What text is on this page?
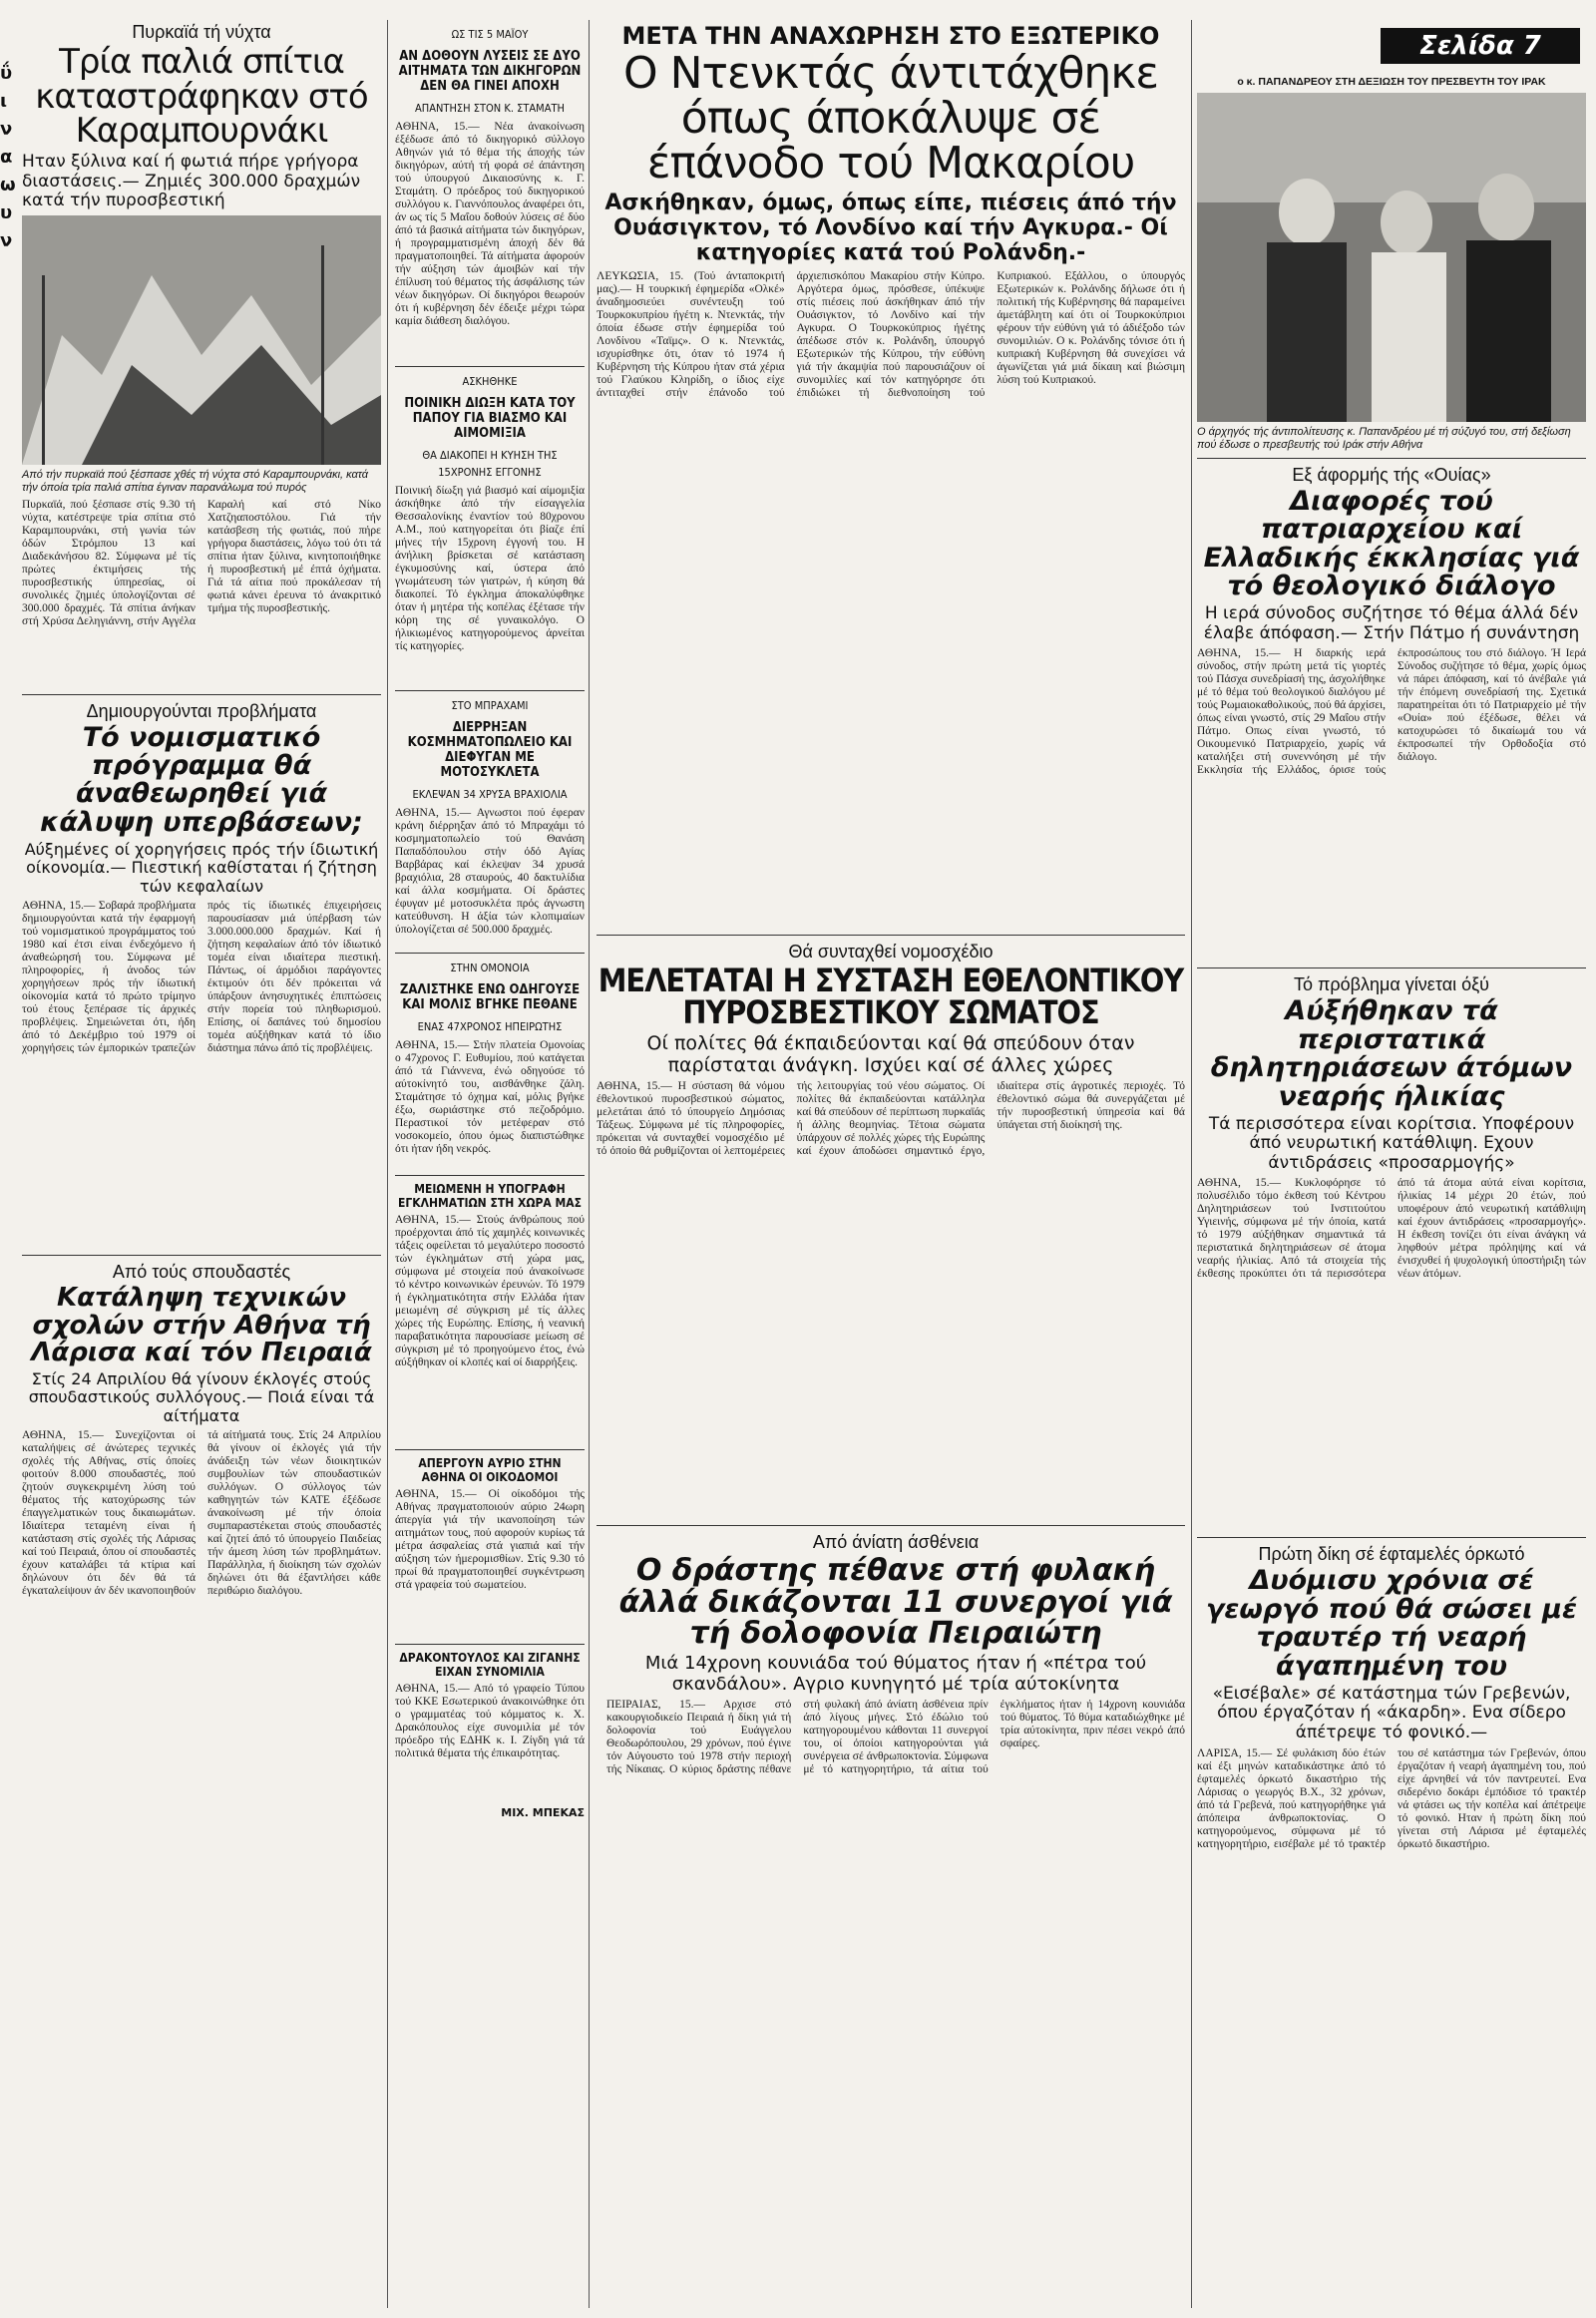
ΰ
ι
ν
α
ω
υ
ν
Πυρκαϊά τή νύχτα
Τρία παλιά σπίτια καταστράφηκαν στό Καραμπουρνάκι
Ηταν ξύλινα καί ή φωτιά πήρε γρήγορα διαστάσεις.— Ζημιές 300.000 δραχμών κατά τήν πυροσβεστική
Από τήν πυρκαϊά πού ξέσπασε χθές τή νύχτα στό Καραμπουρνάκι, κατά τήν όποία τρία παλιά σπίτια έγιναν παρανάλωμα τού πυρός

Πυρκαϊά, πού ξέσπασε στίς 9.30 τή νύχτα, κατέστρεψε τρία σπίτια στό Καραμπουρνάκι, στή γωνία τών όδών Στρόμπου 13 καί Διαδεκάνήσου 82. Σύμφωνα μέ τίς πρώτες έκτιμήσεις τής πυροσβεστικής ύπηρεσίας, οί συνολικές ζημιές ύπολογίζονται σέ 300.000 δραχμές. Τά σπίτια άνήκαν στή Χρύσα Δεληγιάννη, στήν Αγγέλα Καραλή καί στό Νίκο Χατζηαποστόλου. Γιά τήν κατάσβεση τής φωτιάς, πού πήρε γρήγορα διαστάσεις, λόγω τού ότι τά σπίτια ήταν ξύλινα, κινητοποιήθηκε ή πυροσβεστική μέ έπτά όχήματα. Γιά τά αίτια πού προκάλεσαν τή φωτιά κάνει έρευνα τό άνακριτικό τμήμα τής πυροσβεστικής.

Δημιουργούνται προβλήματα
Τό νομισματικό πρόγραμμα θά άναθεωρηθεί γιά κάλυψη υπερβάσεων;
Αύξημένες οί χορηγήσεις πρός τήν ίδιωτική οίκονομία.— Πιεστική καθίσταται ή ζήτηση τών κεφαλαίων

ΑΘΗΝΑ, 15.— Σοβαρά προβλήματα δημιουργούνται κατά τήν έφαρμογή τού νομισματικού προγράμματος τού 1980 καί έτσι είναι ένδεχόμενο ή άναθεώρησή του. Σύμφωνα μέ πληροφορίες, ή άνοδος τών χορηγήσεων πρός τήν ίδιωτική οίκονομία κατά τό πρώτο τρίμηνο τού έτους ξεπέρασε τίς άρχικές προβλέψεις. Σημειώνεται ότι, ήδη άπό τό Δεκέμβριο τού 1979 οί χορηγήσεις τών έμπορικών τραπεζών πρός τίς ίδιωτικές έπιχειρήσεις παρουσίασαν μιά ύπέρβαση τών 3.000.000.000 δραχμών. Καί ή ζήτηση κεφαλαίων άπό τόν ίδιωτικό τομέα είναι ιδιαίτερα πιεστική. Πάντως, οί άρμόδιοι παράγοντες έκτιμούν ότι δέν πρόκειται νά ύπάρξουν άνησυχητικές έπιπτώσεις στήν πορεία τού πληθωρισμού. Επίσης, οί δαπάνες τού δημοσίου τομέα αύξήθηκαν κατά τό ίδιο διάστημα πάνω άπό τίς προβλέψεις.

Από τούς σπουδαστές
Κατάληψη τεχνικών σχολών στήν Αθήνα τή Λάρισα καί τόν Πειραιά
Στίς 24 Απριλίου θά γίνουν έκλογές στούς σπουδαστικούς συλλόγους.— Ποιά είναι τά αίτήματα

ΑΘΗΝΑ, 15.— Συνεχίζονται οί καταλήψεις σέ άνώτερες τεχνικές σχολές τής Αθήνας, στίς όποίες φοιτούν 8.000 σπουδαστές, πού ζητούν συγκεκριμένη λύση τού θέματος τής κατοχύρωσης τών έπαγγελματικών τους δικαιωμάτων. Ιδιαίτερα τεταμένη είναι ή κατάσταση στίς σχολές τής Λάρισας καί τού Πειραιά, όπου οί σπουδαστές έχουν καταλάβει τά κτίρια καί δηλώνουν ότι δέν θά τά έγκαταλείψουν άν δέν ικανοποιηθούν τά αίτήματά τους. Στίς 24 Απριλίου θά γίνουν οί έκλογές γιά τήν άνάδειξη τών νέων διοικητικών συμβουλίων τών σπουδαστικών συλλόγων. Ο σύλλογος τών καθηγητών τών ΚΑΤΕ έξέδωσε άνακοίνωση μέ τήν όποία συμπαραστέκεται στούς σπουδαστές καί ζητεί άπό τό ύπουργείο Παιδείας τήν άμεση λύση τών προβλημάτων. Παράλληλα, ή διοίκηση τών σχολών δηλώνει ότι θά έξαντλήσει κάθε περιθώριο διαλόγου.

ΩΣ ΤΙΣ 5 ΜΑΪΟΥ
ΑΝ ΔΟΘΟΥΝ ΛΥΣΕΙΣ ΣΕ ΔΥΟ ΑΙΤΗΜΑΤΑ ΤΩΝ ΔΙΚΗΓΟΡΩΝ ΔΕΝ ΘΑ ΓΙΝΕΙ ΑΠΟΧΗ
ΑΠΑΝΤΗΣΗ ΣΤΟΝ Κ. ΣΤΑΜΑΤΗ

ΑΘΗΝΑ, 15.— Νέα άνακοίνωση έξέδωσε άπό τό δικηγορικό σύλλογο Αθηνών γιά τό θέμα τής άποχής τών δικηγόρων, αύτή τή φορά σέ άπάντηση τού ύπουργού Δικαιοσύνης κ. Γ. Σταμάτη. Ο πρόεδρος τού δικηγορικού συλλόγου κ. Γιαννόπουλος άναφέρει ότι, άν ως τίς 5 Μαΐου δοθούν λύσεις σέ δύο άπό τά βασικά αίτήματα τών δικηγόρων, ή προγραμματισμένη άποχή δέν θά πραγματοποιηθεί. Τά αίτήματα άφορούν τήν αύξηση τών άμοιβών καί τήν έπίλυση τού θέματος τής άσφάλισης τών νέων δικηγόρων. Οί δικηγόροι θεωρούν ότι ή κυβέρνηση δέν έδειξε μέχρι τώρα καμία διάθεση διαλόγου.

ΑΣΚΗΘΗΚΕ
ΠΟΙΝΙΚΗ ΔΙΩΞΗ ΚΑΤΑ ΤΟΥ ΠΑΠΟΥ ΓΙΑ ΒΙΑΣΜΟ ΚΑΙ ΑΙΜΟΜΙΞΙΑ
ΘΑ ΔΙΑΚΟΠΕΙ Η ΚΥΗΣΗ ΤΗΣ 15ΧΡΟΝΗΣ ΕΓΓΟΝΗΣ

Ποινική δίωξη γιά βιασμό καί αίμομιξία άσκήθηκε άπό τήν είσαγγελία Θεσσαλονίκης έναντίον τού 80χρονου Α.Μ., πού κατηγορείται ότι βίαζε έπί μήνες τήν 15χρονη έγγονή του. Η άνήλικη βρίσκεται σέ κατάσταση έγκυμοσύνης καί, ύστερα άπό γνωμάτευση τών γιατρών, ή κύηση θά διακοπεί. Τό έγκλημα άποκαλύφθηκε όταν ή μητέρα τής κοπέλας έξέτασε τήν κόρη της σέ γυναικολόγο. Ο ήλικιωμένος κατηγορούμενος άρνείται τίς κατηγορίες.

ΣΤΟ ΜΠΡΑΧΑΜΙ
ΔΙΕΡΡΗΞΑΝ ΚΟΣΜΗΜΑΤΟΠΩΛΕΙΟ ΚΑΙ ΔΙΕΦΥΓΑΝ ΜΕ ΜΟΤΟΣΥΚΛΕΤΑ
ΕΚΛΕΨΑΝ 34 ΧΡΥΣΑ ΒΡΑΧΙΟΛΙΑ

ΑΘΗΝΑ, 15.— Αγνωστοι πού έφεραν κράνη διέρρηξαν άπό τό Μπραχάμι τό κοσμηματοπωλείο τού Θανάση Παπαδόπουλου στήν όδό Αγίας Βαρβάρας καί έκλεψαν 34 χρυσά βραχιόλια, 28 σταυρούς, 40 δακτυλίδια καί άλλα κοσμήματα. Οί δράστες έφυγαν μέ μοτοσυκλέτα πρός άγνωστη κατεύθυνση. Η άξία τών κλοπιμαίων ύπολογίζεται σέ 500.000 δραχμές.

ΣΤΗΝ ΟΜΟΝΟΙΑ
ΖΑΛΙΣΤΗΚΕ ΕΝΩ ΟΔΗΓΟΥΣΕ ΚΑΙ ΜΟΛΙΣ ΒΓΗΚΕ ΠΕΘΑΝΕ
ΕΝΑΣ 47ΧΡΟΝΟΣ ΗΠΕΙΡΩΤΗΣ

ΑΘΗΝΑ, 15.— Στήν πλατεία Ομονοίας ο 47χρονος Γ. Ευθυμίου, πού κατάγεται άπό τά Γιάννενα, ένώ οδηγούσε τό αύτοκίνητό του, αισθάνθηκε ζάλη. Σταμάτησε τό όχημα καί, μόλις βγήκε έξω, σωριάστηκε στό πεζοδρόμιο. Περαστικοί τόν μετέφεραν στό νοσοκομείο, όπου όμως διαπιστώθηκε ότι ήταν ήδη νεκρός.

ΜΕΙΩΜΕΝΗ Η ΥΠΟΓΡΑΦΗ ΕΓΚΛΗΜΑΤΙΩΝ ΣΤΗ ΧΩΡΑ ΜΑΣ

ΑΘΗΝΑ, 15.— Στούς άνθρώπους πού προέρχονται άπό τίς χαμηλές κοινωνικές τάξεις οφείλεται τό μεγαλύτερο ποσοστό τών έγκλημάτων στή χώρα μας, σύμφωνα μέ στοιχεία πού άνακοίνωσε τό κέντρο κοινωνικών έρευνών. Τό 1979 ή έγκληματικότητα στήν Ελλάδα ήταν μειωμένη σέ σύγκριση μέ τίς άλλες χώρες τής Ευρώπης. Επίσης, ή νεανική παραβατικότητα παρουσίασε μείωση σέ σύγκριση μέ τό προηγούμενο έτος, ένώ αύξήθηκαν οί κλοπές καί οί διαρρήξεις.

ΑΠΕΡΓΟΥΝ ΑΥΡΙΟ ΣΤΗΝ ΑΘΗΝΑ ΟΙ ΟΙΚΟΔΟΜΟΙ

ΑΘΗΝΑ, 15.— Οί οίκοδόμοι τής Αθήνας πραγματοποιούν αύριο 24ωρη άπεργία γιά τήν ικανοποίηση τών αιτημάτων τους, πού αφορούν κυρίως τά μέτρα άσφαλείας στά γιαπιά καί τήν αύξηση τών ήμερομισθίων. Στίς 9.30 τό πρωί θά πραγματοποιηθεί συγκέντρωση στά γραφεία τού σωματείου.

ΔΡΑΚΟΝΤΟΥΛΟΣ ΚΑΙ ΖΙΓΑΝΗΣ ΕΙΧΑΝ ΣΥΝΟΜΙΛΙΑ

ΑΘΗΝΑ, 15.— Από τό γραφείο Τύπου τού ΚΚΕ Εσωτερικού άνακοινώθηκε ότι ο γραμματέας τού κόμματος κ. Χ. Δρακόπουλος είχε συνομιλία μέ τόν πρόεδρο τής ΕΔΗΚ κ. Ι. Ζίγδη γιά τά πολιτικά θέματα τής έπικαιρότητας.

ΜΙΧ. ΜΠΕΚΑΣ
ΜΕΤΑ ΤΗΝ ΑΝΑΧΩΡΗΣΗ ΣΤΟ ΕΞΩΤΕΡΙΚΟ
Ο Ντενκτάς άντιτάχθηκε όπως άποκάλυψε σέ έπάνοδο τού Μακαρίου
Ασκήθηκαν, όμως, όπως είπε, πιέσεις άπό τήν Ουάσιγκτον, τό Λονδίνο καί τήν Αγκυρα.- Οί κατηγορίες κατά τού Ρολάνδη.-

ΛΕΥΚΩΣΙΑ, 15. (Τού άνταποκριτή μας).— Η τουρκική έφημερίδα «Ολκέ» άναδημοσιεύει συνέντευξη τού Τουρκοκυπρίου ήγέτη κ. Ντενκτάς, τήν όποία έδωσε στήν έφημερίδα τού Λονδίνου «Ταϊμς». Ο κ. Ντενκτάς, ισχυρίσθηκε ότι, όταν τό 1974 ή Κυβέρνηση τής Κύπρου ήταν στά χέρια τού Γλαύκου Κληρίδη, ο ίδιος είχε άντιταχθεί στήν έπάνοδο τού άρχιεπισκόπου Μακαρίου στήν Κύπρο. Αργότερα όμως, πρόσθεσε, ύπέκυψε στίς πιέσεις πού άσκήθηκαν άπό τήν Ουάσιγκτον, τό Λονδίνο καί τήν Αγκυρα. Ο Τουρκοκύπριος ήγέτης άπέδωσε στόν κ. Ρολάνδη, ύπουργό Εξωτερικών τής Κύπρου, τήν εύθύνη γιά τήν άκαμψία πού παρουσιάζουν οί συνομιλίες καί τόν κατηγόρησε ότι έπιδιώκει τή διεθνοποίηση τού Κυπριακού. Εξάλλου, ο ύπουργός Εξωτερικών κ. Ρολάνδης δήλωσε ότι ή πολιτική τής Κυβέρνησης θά παραμείνει άμετάβλητη καί ότι οί Τουρκοκύπριοι φέρουν τήν εύθύνη γιά τό άδιέξοδο τών συνομιλιών. Ο κ. Ρολάνδης τόνισε ότι ή κυπριακή Κυβέρνηση θά συνεχίσει νά άγωνίζεται γιά μιά δίκαιη καί βιώσιμη λύση τού Κυπριακού.

Θά συνταχθεί νομοσχέδιο
ΜΕΛΕΤΑΤΑΙ Η ΣΥΣΤΑΣΗ ΕΘΕΛΟΝΤΙΚΟΥ ΠΥΡΟΣΒΕΣΤΙΚΟΥ ΣΩΜΑΤΟΣ
Οί πολίτες θά έκπαιδεύονται καί θά σπεύδουν όταν παρίσταται άνάγκη. Ισχύει καί σέ άλλες χώρες

ΑΘΗΝΑ, 15.— Η σύσταση θά νόμου έθελοντικού πυροσβεστικού σώματος, μελετάται άπό τό ύπουργείο Δημόσιας Τάξεως. Σύμφωνα μέ τίς πληροφορίες, πρόκειται νά συνταχθεί νομοσχέδιο μέ τό όποίο θά ρυθμίζονται οί λεπτομέρειες τής λειτουργίας τού νέου σώματος. Οί πολίτες θά έκπαιδεύονται κατάλληλα καί θά σπεύδουν σέ περίπτωση πυρκαϊάς ή άλλης θεομηνίας. Τέτοια σώματα ύπάρχουν σέ πολλές χώρες τής Ευρώπης καί έχουν άποδώσει σημαντικό έργο, ιδιαίτερα στίς άγροτικές περιοχές. Τό έθελοντικό σώμα θά συνεργάζεται μέ τήν πυροσβεστική ύπηρεσία καί θά ύπάγεται στή διοίκησή της.

Από άνίατη άσθένεια
Ο δράστης πέθανε στή φυλακή άλλά δικάζονται 11 συνεργοί γιά τή δολοφονία Πειραιώτη
Μιά 14χρονη κουνιάδα τού θύματος ήταν ή «πέτρα τού σκανδάλου». Αγριο κυνηγητό μέ τρία αύτοκίνητα

ΠΕΙΡΑΙΑΣ, 15.— Αρχισε στό κακουργιοδικείο Πειραιά ή δίκη γιά τή δολοφονία τού Ευάγγελου Θεοδωρόπουλου, 29 χρόνων, πού έγινε τόν Αύγουστο τού 1978 στήν περιοχή τής Νίκαιας. Ο κύριος δράστης πέθανε στή φυλακή άπό άνίατη άσθένεια πρίν άπό λίγους μήνες. Στό έδώλιο τού κατηγορουμένου κάθονται 11 συνεργοί του, οί όποίοι κατηγορούνται γιά συνέργεια σέ άνθρωποκτονία. Σύμφωνα μέ τό κατηγορητήριο, τά αίτια τού έγκλήματος ήταν ή 14χρονη κουνιάδα τού θύματος. Τό θύμα καταδιώχθηκε μέ τρία αύτοκίνητα, πριν πέσει νεκρό άπό σφαίρες.

Σελίδα 7
ο κ. ΠΑΠΑΝΔΡΕΟΥ ΣΤΗ ΔΕΞΙΩΣΗ ΤΟΥ ΠΡΕΣΒΕΥΤΗ ΤΟΥ ΙΡΑΚ
Ο άρχηγός τής άντιπολίτευσης κ. Παπανδρέου μέ τή σύζυγό του, στή δεξίωση πού έδωσε ο πρεσβευτής τού Ιράκ στήν Αθήνα
Εξ άφορμής τής «Ουίας»
Διαφορές τού πατριαρχείου καί Ελλαδικής έκκλησίας γιά τό θεολογικό διάλογο
Η ιερά σύνοδος συζήτησε τό θέμα άλλά δέν έλαβε άπόφαση.— Στήν Πάτμο ή συνάντηση

ΑΘΗΝΑ, 15.— Η διαρκής ιερά σύνοδος, στήν πρώτη μετά τίς γιορτές τού Πάσχα συνεδρίασή της, άσχολήθηκε μέ τό θέμα τού θεολογικού διαλόγου μέ τούς Ρωμαιοκαθολικούς, πού θά άρχίσει, όπως είναι γνωστό, στίς 29 Μαΐου στήν Πάτμο. Οπως είναι γνωστό, τό Οικουμενικό Πατριαρχείο, χωρίς νά καταλήξει στή συνεννόηση μέ τήν Εκκλησία τής Ελλάδος, όρισε τούς έκπροσώπους του στό διάλογο. Ή Ιερά Σύνοδος συζήτησε τό θέμα, χωρίς όμως νά πάρει άπόφαση, καί τό άνέβαλε γιά τήν έπόμενη συνεδρίασή της. Σχετικά παρατηρείται ότι τό Πατριαρχείο μέ τήν «Ουία» πού έξέδωσε, θέλει νά κατοχυρώσει τό δικαίωμά του νά έκπροσωπεί τήν Ορθοδοξία στό διάλογο.

Τό πρόβλημα γίνεται όξύ
Αύξήθηκαν τά περιστατικά δηλητηριάσεων άτόμων νεαρής ήλικίας
Τά περισσότερα είναι κορίτσια. Υποφέρουν άπό νευρωτική κατάθλιψη. Εχουν άντιδράσεις «προσαρμογής»

ΑΘΗΝΑ, 15.— Κυκλοφόρησε τό πολυσέλιδο τόμο έκθεση τού Κέντρου Δηλητηριάσεων τού Ινστιτούτου Υγιεινής, σύμφωνα μέ τήν όποία, κατά τό 1979 αύξήθηκαν σημαντικά τά περιστατικά δηλητηριάσεων σέ άτομα νεαρής ήλικίας. Από τά στοιχεία τής έκθεσης προκύπτει ότι τά περισσότερα άπό τά άτομα αύτά είναι κορίτσια, ήλικίας 14 μέχρι 20 έτών, πού υποφέρουν άπό νευρωτική κατάθλιψη καί έχουν άντιδράσεις «προσαρμογής». Η έκθεση τονίζει ότι είναι άνάγκη νά ληφθούν μέτρα πρόληψης καί νά ένισχυθεί ή ψυχολογική ύποστήριξη τών νέων άτόμων.

Πρώτη δίκη σέ έφταμελές όρκωτό
Δυόμισυ χρόνια σέ γεωργό πού θά σώσει μέ τραυτέρ τή νεαρή άγαπημένη του
«Εισέβαλε» σέ κατάστημα τών Γρεβενών, όπου έργαζόταν ή «άκαρδη». Ενα σίδερο άπέτρεψε τό φονικό.—

ΛΑΡΙΣΑ, 15.— Σέ φυλάκιση δύο έτών καί έξι μηνών καταδικάστηκε άπό τό έφταμελές όρκωτό δικαστήριο τής Λάρισας ο γεωργός Β.Χ., 32 χρόνων, άπό τά Γρεβενά, πού κατηγορήθηκε γιά άπόπειρα άνθρωποκτονίας. Ο κατηγορούμενος, σύμφωνα μέ τό κατηγορητήριο, εισέβαλε μέ τό τρακτέρ του σέ κατάστημα τών Γρεβενών, όπου έργαζόταν ή νεαρή άγαπημένη του, πού είχε άρνηθεί νά τόν παντρευτεί. Ενα σιδερένιο δοκάρι έμπόδισε τό τρακτέρ νά φτάσει ως τήν κοπέλα καί άπέτρεψε τό φονικό. Ηταν ή πρώτη δίκη πού γίνεται στή Λάρισα μέ έφταμελές όρκωτό δικαστήριο.
